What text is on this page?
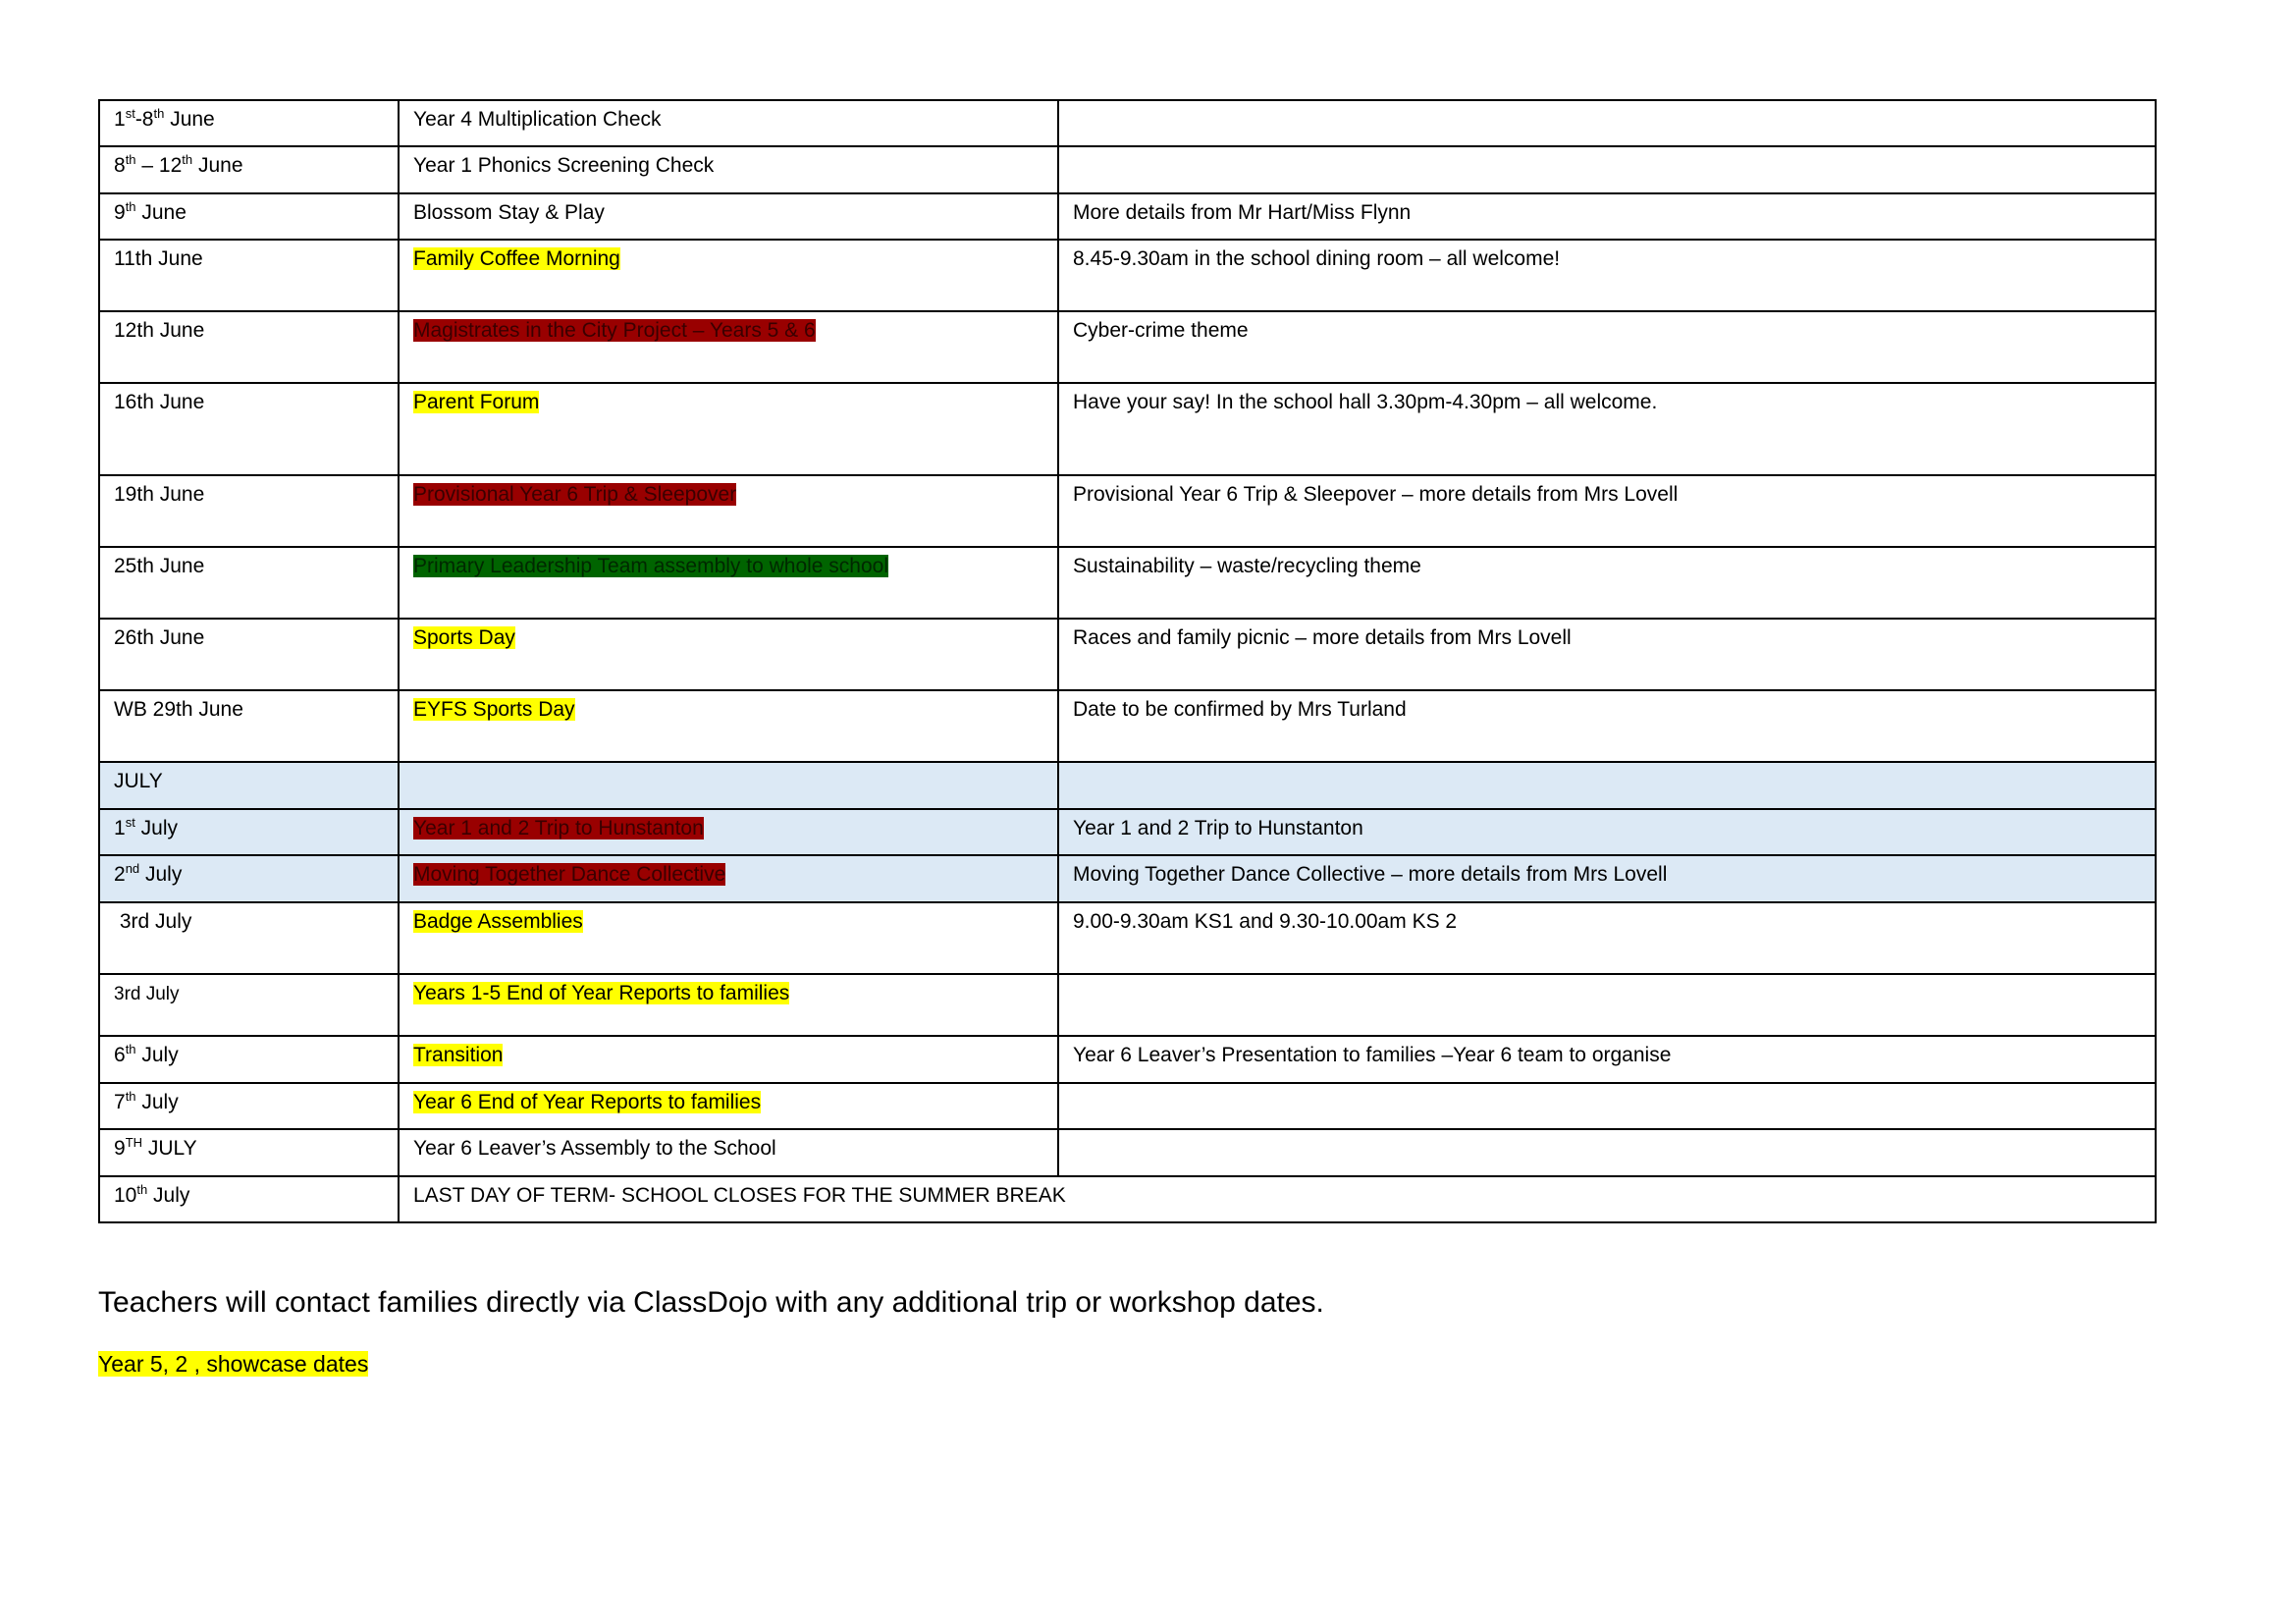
1st-8th June	Year 4 Multiplication Check	
8th – 12th June	Year 1 Phonics Screening Check	
9th June	Blossom Stay & Play	More details from Mr Hart/Miss Flynn
11th June	Family Coffee Morning	8.45-9.30am in the school dining room – all welcome!
12th June	Magistrates in the City Project – Years 5 & 6	Cyber-crime theme
16th June	Parent Forum	Have your say! In the school hall 3.30pm-4.30pm – all welcome.
19th June	Provisional Year 6 Trip & Sleepover	Provisional Year 6 Trip & Sleepover – more details from Mrs Lovell
25th June	Primary Leadership Team assembly to whole school	Sustainability – waste/recycling theme
26th June	Sports Day	Races and family picnic – more details from Mrs Lovell
WB 29th June	EYFS Sports Day	Date to be confirmed by Mrs Turland
JULY		
1st July	Year 1 and 2 Trip to Hunstanton	Year 1 and 2 Trip to Hunstanton
2nd July	Moving Together Dance Collective	Moving Together Dance Collective – more details from Mrs Lovell
3rd July	Badge Assemblies	9.00-9.30am KS1 and 9.30-10.00am KS 2
3rd July	Years 1-5 End of Year Reports to families	
6th July	Transition	Year 6 Leaver’s Presentation to families –Year 6 team to organise
7th July	Year 6 End of Year Reports to families	
9TH JULY	Year 6 Leaver’s Assembly to the School	
10th July	LAST DAY OF TERM- SCHOOL CLOSES FOR THE SUMMER BREAK	

Teachers will contact families directly via ClassDojo with any additional trip or workshop dates.

Year 5, 2 , showcase dates
